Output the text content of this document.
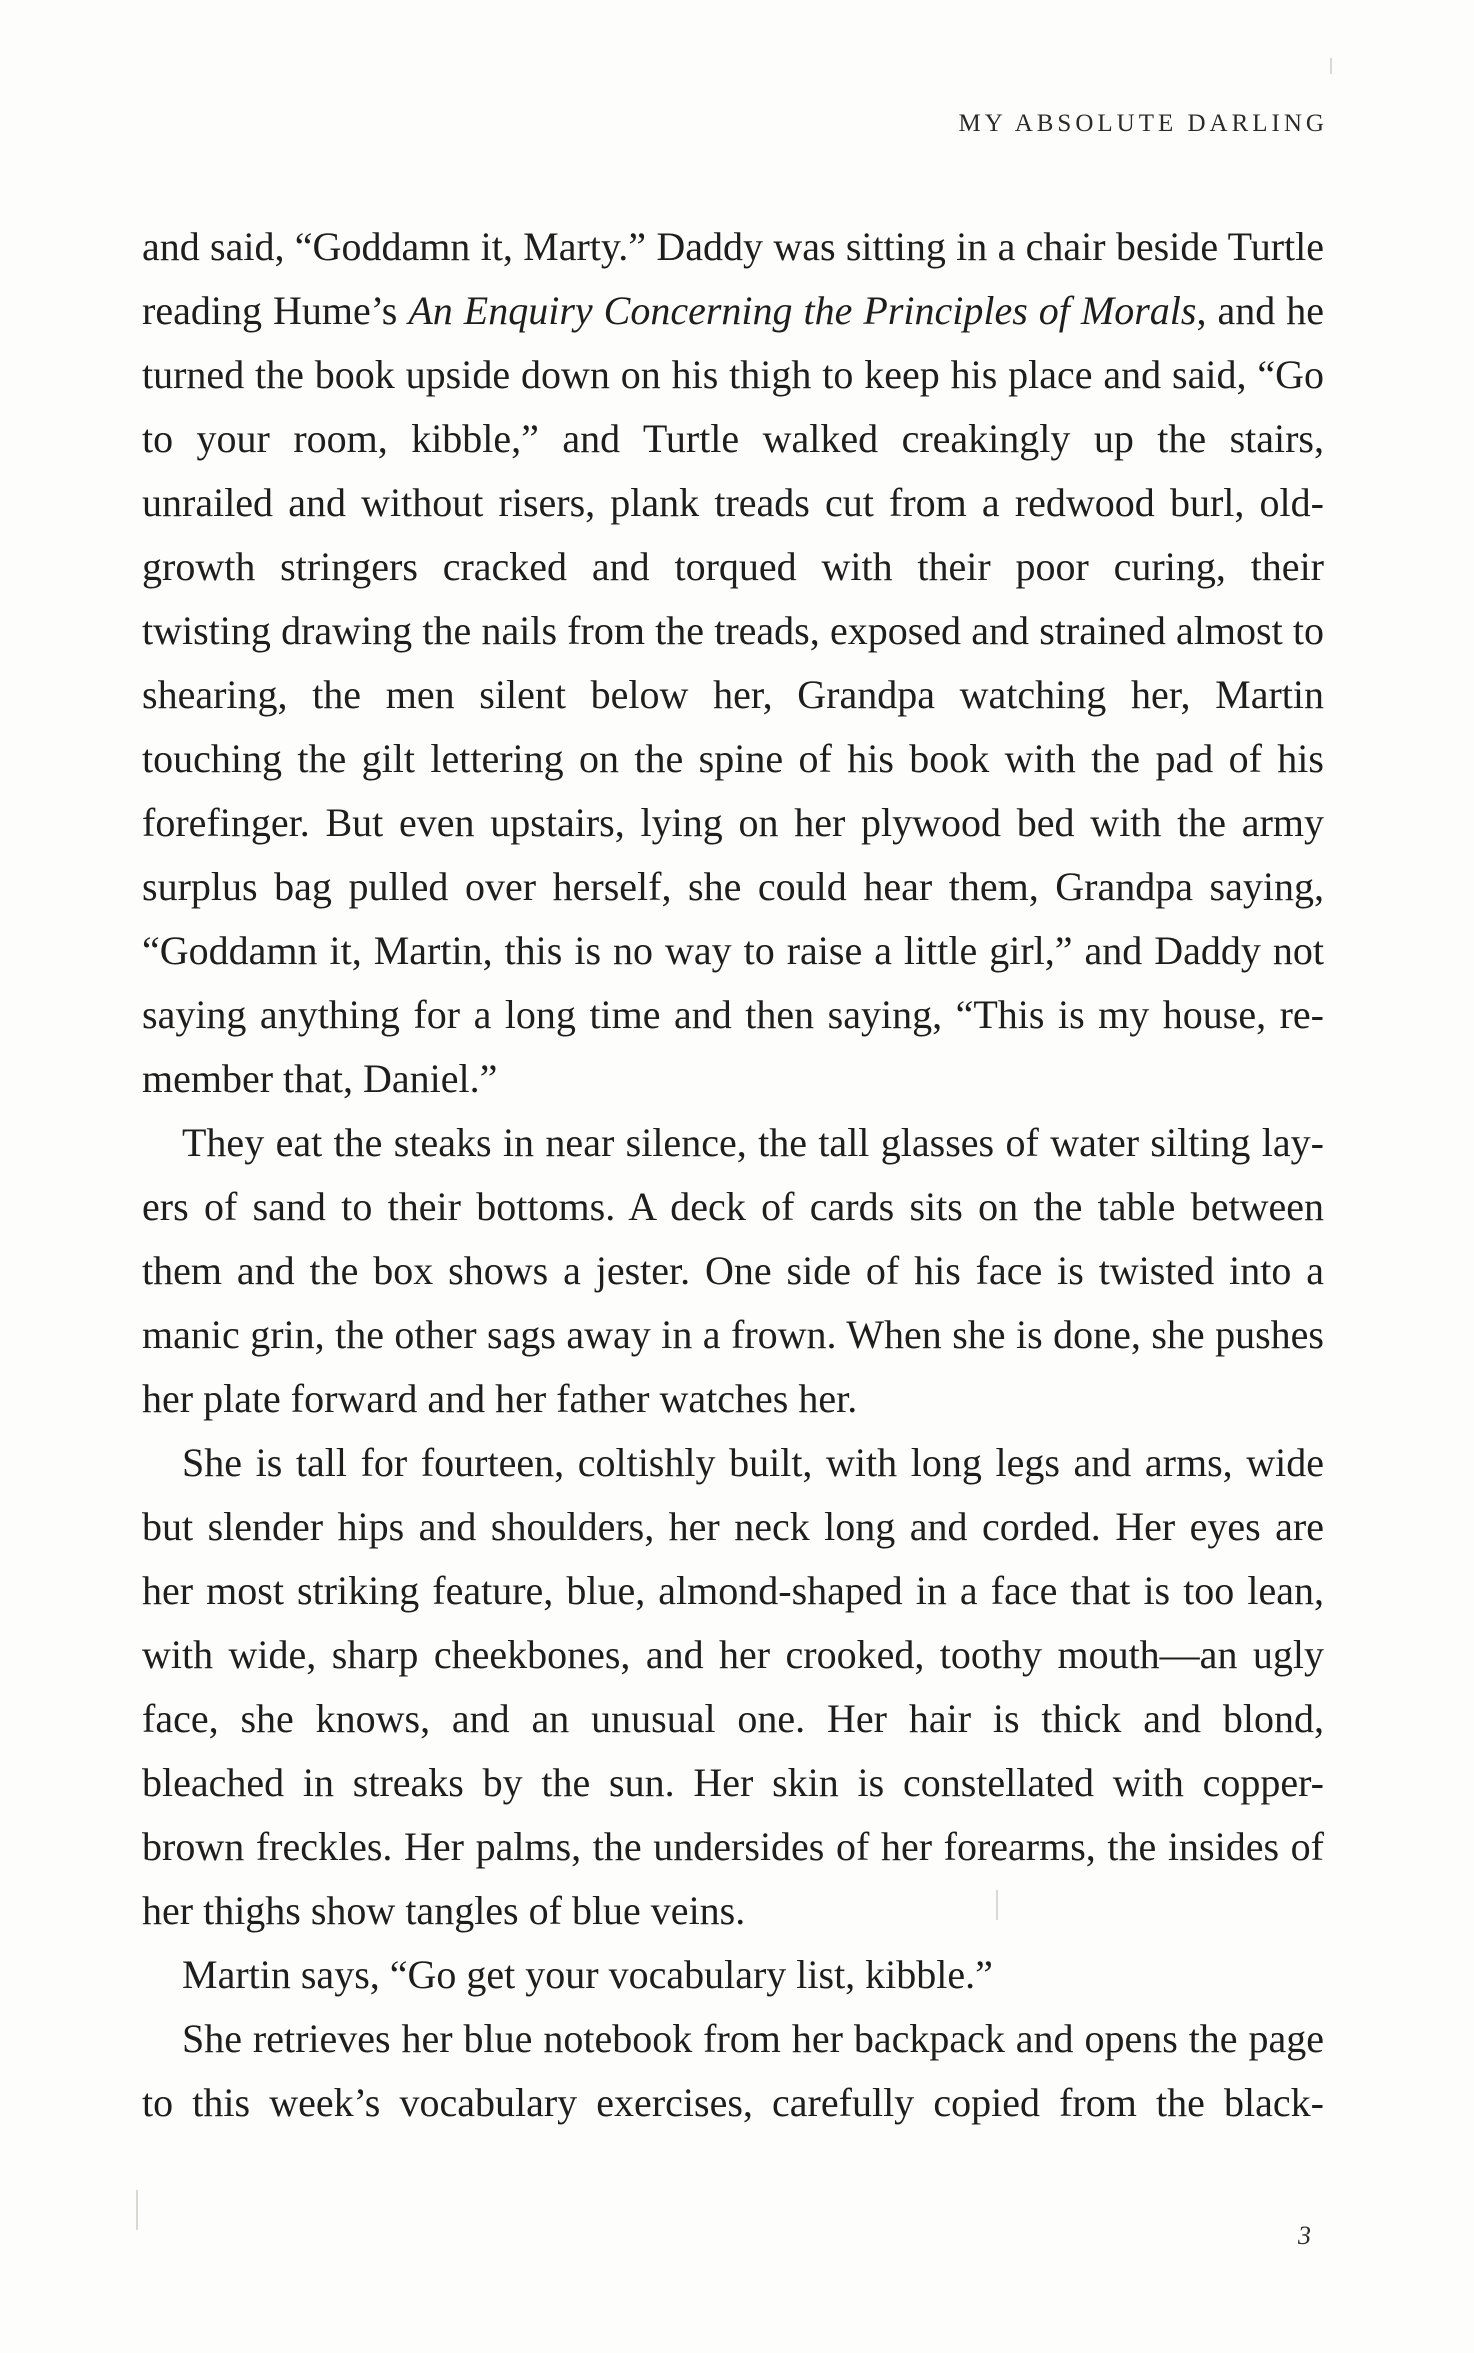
MY ABSOLUTE DARLING

and said, “Goddamn it, Marty.” Daddy was sitting in a chair beside Turtle reading Hume’s An Enquiry Concerning the Principles of Morals, and he turned the book upside down on his thigh to keep his place and said, “Go to your room, kibble,” and Turtle walked creakingly up the stairs, unrailed and without risers, plank treads cut from a redwood burl, oldgrowth stringers cracked and torqued with their poor curing, their twisting drawing the nails from the treads, exposed and strained almost to shearing, the men silent below her, Grandpa watching her, Martin touching the gilt lettering on the spine of his book with the pad of his forefinger. But even upstairs, lying on her plywood bed with the army surplus bag pulled over herself, she could hear them, Grandpa saying, “Goddamn it, Martin, this is no way to raise a little girl,” and Daddy not saying anything for a long time and then saying, “This is my house, remember that, Daniel.”

They eat the steaks in near silence, the tall glasses of water silting layers of sand to their bottoms. A deck of cards sits on the table between them and the box shows a jester. One side of his face is twisted into a manic grin, the other sags away in a frown. When she is done, she pushes her plate forward and her father watches her.

She is tall for fourteen, coltishly built, with long legs and arms, wide but slender hips and shoulders, her neck long and corded. Her eyes are her most striking feature, blue, almond-shaped in a face that is too lean, with wide, sharp cheekbones, and her crooked, toothy mouth—an ugly face, she knows, and an unusual one. Her hair is thick and blond, bleached in streaks by the sun. Her skin is constellated with copper-brown freckles. Her palms, the undersides of her forearms, the insides of her thighs show tangles of blue veins.

Martin says, “Go get your vocabulary list, kibble.”

She retrieves her blue notebook from her backpack and opens the page to this week’s vocabulary exercises, carefully copied from the black-

3
